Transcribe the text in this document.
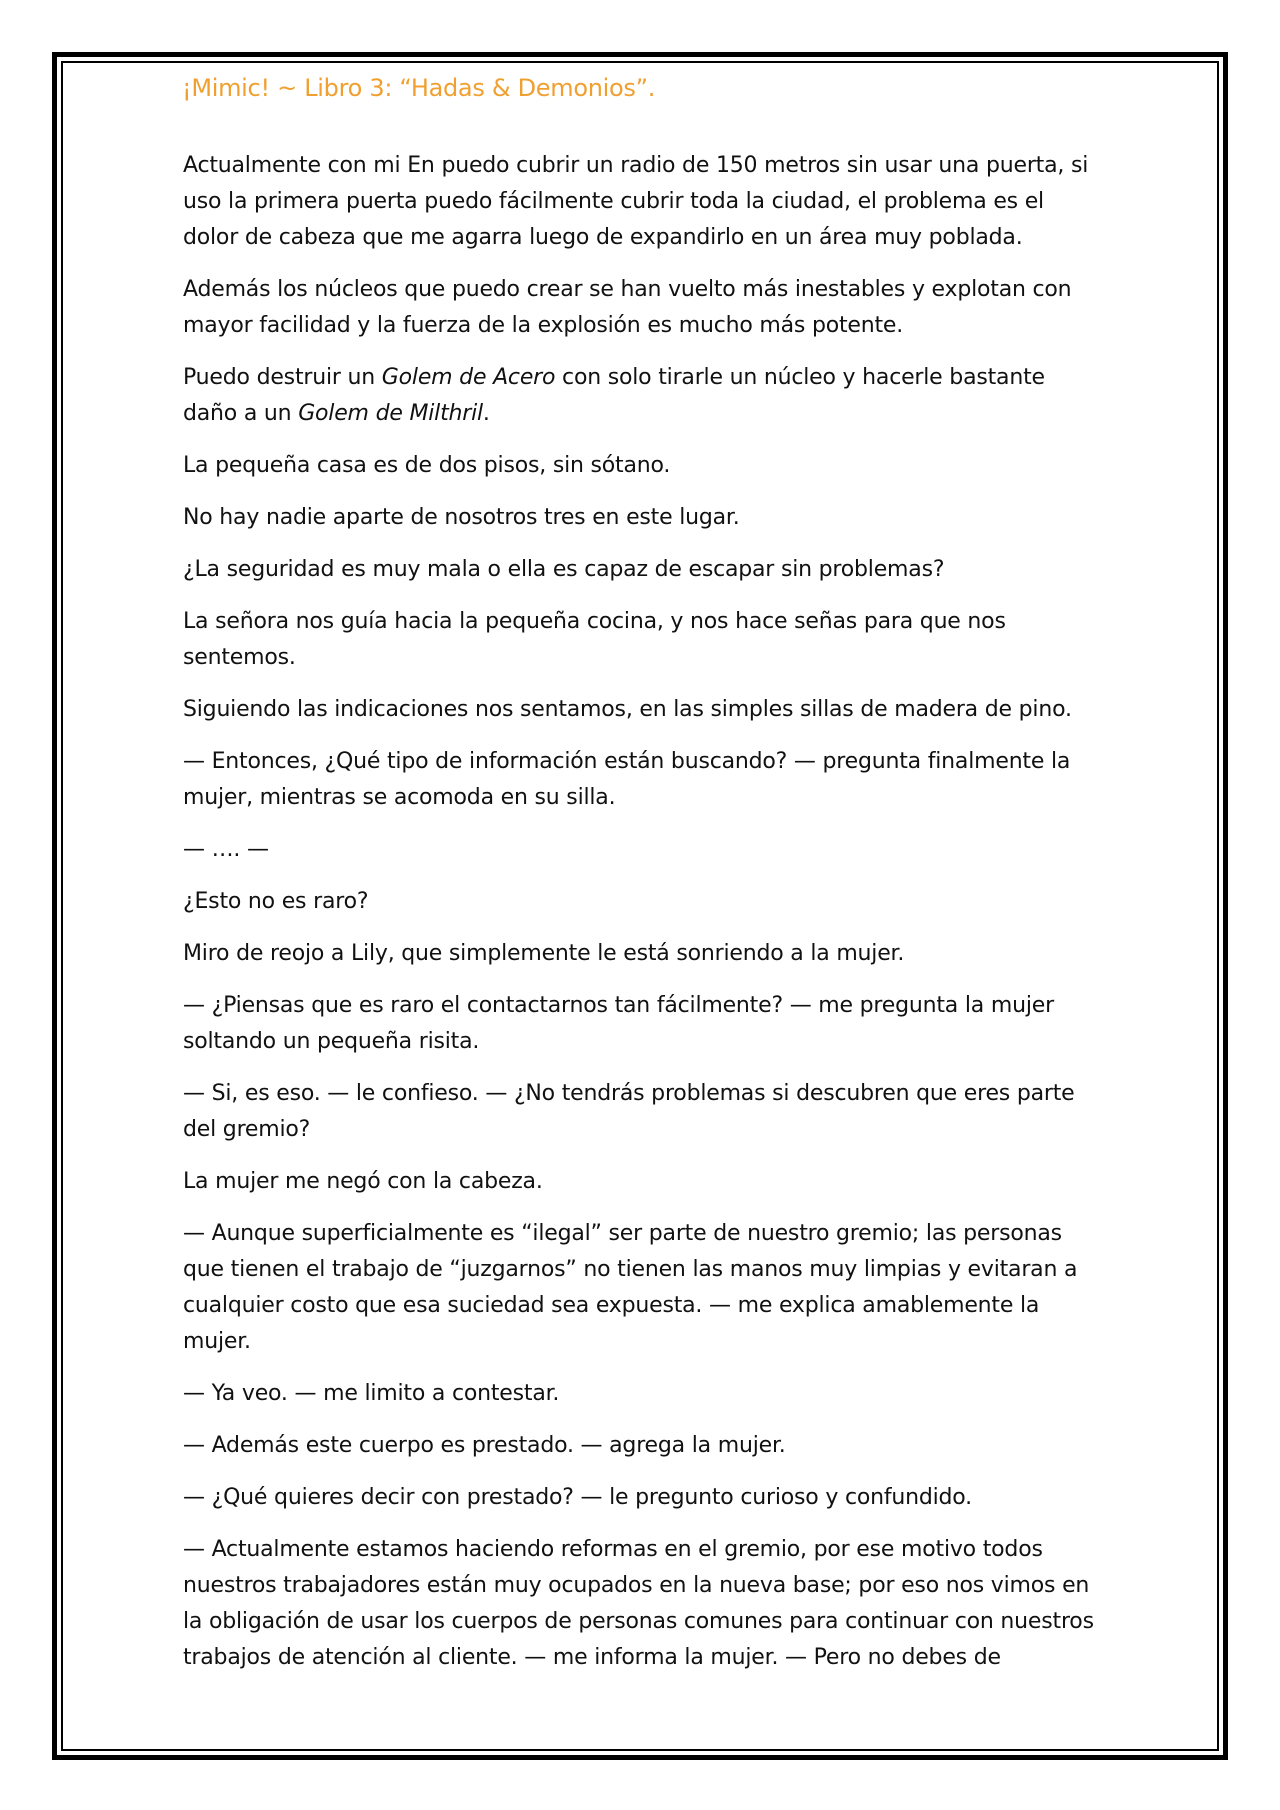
¡Mimic! ~ Libro 3: “Hadas & Demonios”.

Actualmente con mi En puedo cubrir un radio de 150 metros sin usar una puerta, si uso la primera puerta puedo fácilmente cubrir toda la ciudad, el problema es el dolor de cabeza que me agarra luego de expandirlo en un área muy poblada.

Además los núcleos que puedo crear se han vuelto más inestables y explotan con mayor facilidad y la fuerza de la explosión es mucho más potente.

Puedo destruir un Golem de Acero con solo tirarle un núcleo y hacerle bastante daño a un Golem de Milthril.

La pequeña casa es de dos pisos, sin sótano.

No hay nadie aparte de nosotros tres en este lugar.

¿La seguridad es muy mala o ella es capaz de escapar sin problemas?

La señora nos guía hacia la pequeña cocina, y nos hace señas para que nos sentemos.

Siguiendo las indicaciones nos sentamos, en las simples sillas de madera de pino.

— Entonces, ¿Qué tipo de información están buscando? — pregunta finalmente la mujer, mientras se acomoda en su silla.

— …. —

¿Esto no es raro?

Miro de reojo a Lily, que simplemente le está sonriendo a la mujer.

— ¿Piensas que es raro el contactarnos tan fácilmente? — me pregunta la mujer soltando un pequeña risita.

— Si, es eso. — le confieso. — ¿No tendrás problemas si descubren que eres parte del gremio?

La mujer me negó con la cabeza.

— Aunque superficialmente es “ilegal” ser parte de nuestro gremio; las personas que tienen el trabajo de “juzgarnos” no tienen las manos muy limpias y evitaran a cualquier costo que esa suciedad sea expuesta. — me explica amablemente la mujer.

— Ya veo. — me limito a contestar.

— Además este cuerpo es prestado. — agrega la mujer.

— ¿Qué quieres decir con prestado? — le pregunto curioso y confundido.

— Actualmente estamos haciendo reformas en el gremio, por ese motivo todos nuestros trabajadores están muy ocupados en la nueva base; por eso nos vimos en la obligación de usar los cuerpos de personas comunes para continuar con nuestros trabajos de atención al cliente. — me informa la mujer. — Pero no debes de
